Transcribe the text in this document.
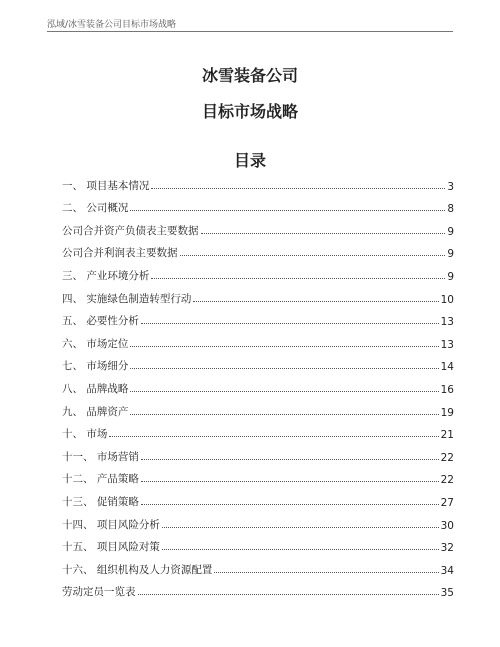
泓域/冰雪装备公司目标市场战略
冰雪装备公司
目标市场战略
目录
一、 项目基本情况	3
二、 公司概况	8
公司合并资产负债表主要数据	9
公司合并利润表主要数据	9
三、 产业环境分析	9
四、 实施绿色制造转型行动	10
五、 必要性分析	13
六、 市场定位	13
七、 市场细分	14
八、 品牌战略	16
九、 品牌资产	19
十、 市场	21
十一、 市场营销	22
十二、 产品策略	22
十三、 促销策略	27
十四、 项目风险分析	30
十五、 项目风险对策	32
十六、 组织机构及人力资源配置	34
劳动定员一览表	35
